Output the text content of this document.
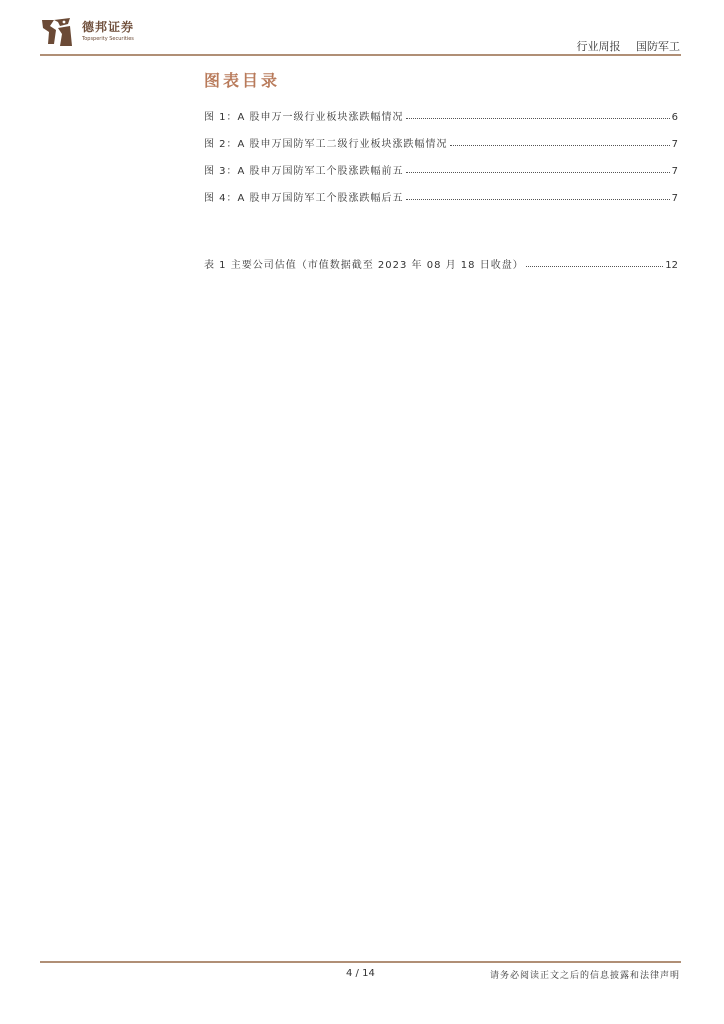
德邦证券
Topsperity Securities
行业周报 国防军工
图表目录
图 1：A 股申万一级行业板块涨跌幅情况	6
图 2：A 股申万国防军工二级行业板块涨跌幅情况	7
图 3：A 股申万国防军工个股涨跌幅前五	7
图 4：A 股申万国防军工个股涨跌幅后五	7
表 1 主要公司估值（市值数据截至 2023 年 08 月 18 日收盘）	12
4 / 14	请务必阅读正文之后的信息披露和法律声明
